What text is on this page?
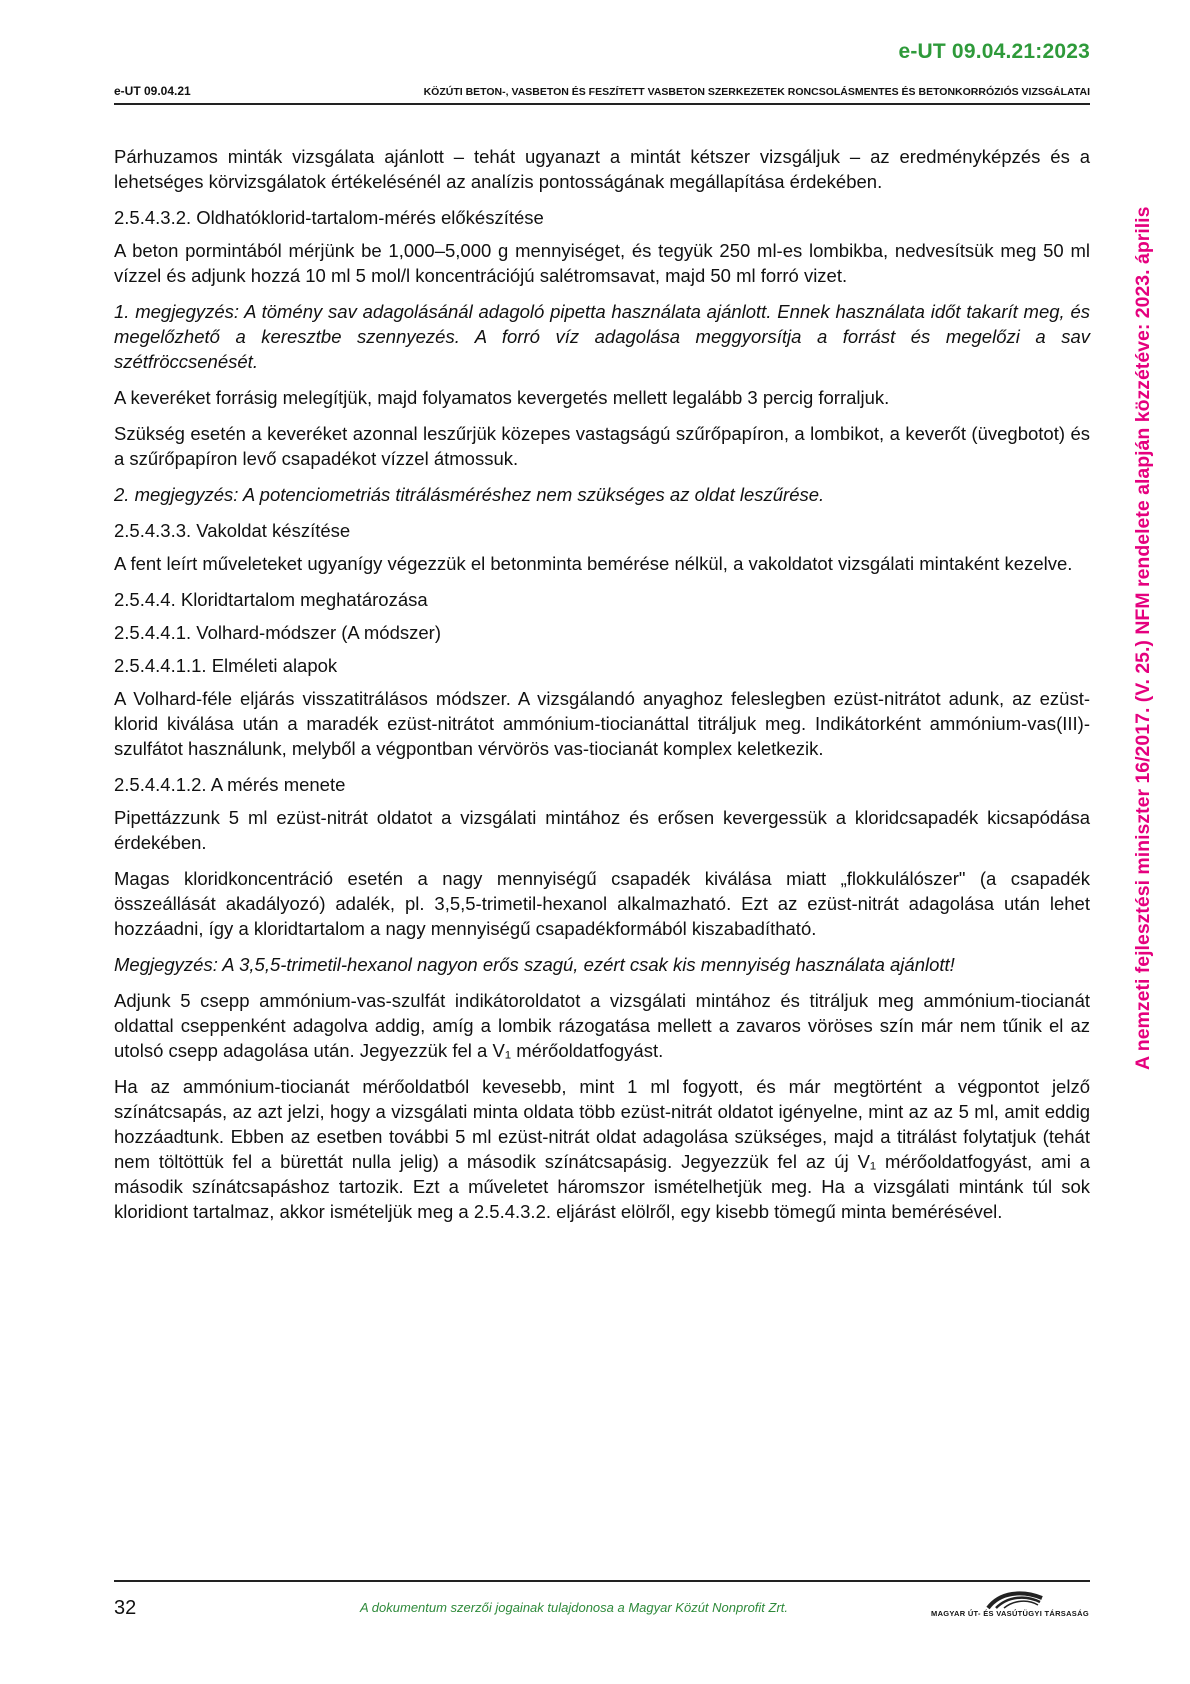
e-UT 09.04.21:2023
e-UT 09.04.21	KÖZÚTI BETON-, VASBETON ÉS FESZÍTETT VASBETON SZERKEZETEK RONCSOLÁSMENTES ÉS BETONKORRÓZIÓS VIZSGÁLATAI

Párhuzamos minták vizsgálata ajánlott – tehát ugyanazt a mintát kétszer vizsgáljuk – az eredményképzés és a lehetséges körvizsgálatok értékelésénél az analízis pontosságának megállapítása érdekében.

2.5.4.3.2. Oldhatóklorid-tartalom-mérés előkészítése

A beton pormintából mérjünk be 1,000–5,000 g mennyiséget, és tegyük 250 ml-es lombikba, nedvesítsük meg 50 ml vízzel és adjunk hozzá 10 ml 5 mol/l koncentrációjú salétromsavat, majd 50 ml forró vizet.

1. megjegyzés: A tömény sav adagolásánál adagoló pipetta használata ajánlott. Ennek használata időt takarít meg, és megelőzhető a keresztbe szennyezés. A forró víz adagolása meggyorsítja a forrást és megelőzi a sav szétfröccsenését.

A keveréket forrásig melegítjük, majd folyamatos kevergetés mellett legalább 3 percig forraljuk.

Szükség esetén a keveréket azonnal leszűrjük közepes vastagságú szűrőpapíron, a lombikot, a keverőt (üvegbotot) és a szűrőpapíron levő csapadékot vízzel átmossuk.

2. megjegyzés: A potenciometriás titrálásméréshez nem szükséges az oldat leszűrése.

2.5.4.3.3. Vakoldat készítése

A fent leírt műveleteket ugyanígy végezzük el betonminta bemérése nélkül, a vakoldatot vizsgálati mintaként kezelve.

2.5.4.4. Kloridtartalom meghatározása

2.5.4.4.1. Volhard-módszer (A módszer)

2.5.4.4.1.1. Elméleti alapok

A Volhard-féle eljárás visszatitrálásos módszer. A vizsgálandó anyaghoz feleslegben ezüst-nitrátot adunk, az ezüst-klorid kiválása után a maradék ezüst-nitrátot ammónium-tiocianáttal titráljuk meg. Indikátorként ammónium-vas(III)-szulfátot használunk, melyből a végpontban vérvörös vas-tiocianát komplex keletkezik.

2.5.4.4.1.2. A mérés menete

Pipettázzunk 5 ml ezüst-nitrát oldatot a vizsgálati mintához és erősen kevergessük a kloridcsapadék kicsapódása érdekében.

Magas kloridkoncentráció esetén a nagy mennyiségű csapadék kiválása miatt „flokkulálószer" (a csapadék összeállását akadályozó) adalék, pl. 3,5,5-trimetil-hexanol alkalmazható. Ezt az ezüst-nitrát adagolása után lehet hozzáadni, így a kloridtartalom a nagy mennyiségű csapadékformából kiszabadítható.

Megjegyzés: A 3,5,5-trimetil-hexanol nagyon erős szagú, ezért csak kis mennyiség használata ajánlott!

Adjunk 5 csepp ammónium-vas-szulfát indikátoroldatot a vizsgálati mintához és titráljuk meg ammónium-tiocianát oldattal cseppenként adagolva addig, amíg a lombik rázogatása mellett a zavaros vöröses szín már nem tűnik el az utolsó csepp adagolása után. Jegyezzük fel a V₁ mérőoldatfogyást.

Ha az ammónium-tiocianát mérőoldatból kevesebb, mint 1 ml fogyott, és már megtörtént a végpontot jelző színátcsapás, az azt jelzi, hogy a vizsgálati minta oldata több ezüst-nitrát oldatot igényelne, mint az az 5 ml, amit eddig hozzáadtunk. Ebben az esetben további 5 ml ezüst-nitrát oldat adagolása szükséges, majd a titrálást folytatjuk (tehát nem töltöttük fel a bürettát nulla jelig) a második színátcsapásig. Jegyezzük fel az új V₁ mérőoldatfogyást, ami a második színátcsapáshoz tartozik. Ezt a műveletet háromszor ismételhetjük meg. Ha a vizsgálati mintánk túl sok kloridiont tartalmaz, akkor ismételjük meg a 2.5.4.3.2. eljárást elölről, egy kisebb tömegű minta bemérésével.

A nemzeti fejlesztési miniszter 16/2017. (V. 25.) NFM rendelete alapján közzétéve: 2023. április
32	A dokumentum szerzői jogainak tulajdonosa a Magyar Közút Nonprofit Zrt.	MAGYAR ÚT- ÉS VASÚTÜGYI TÁRSASÁG
